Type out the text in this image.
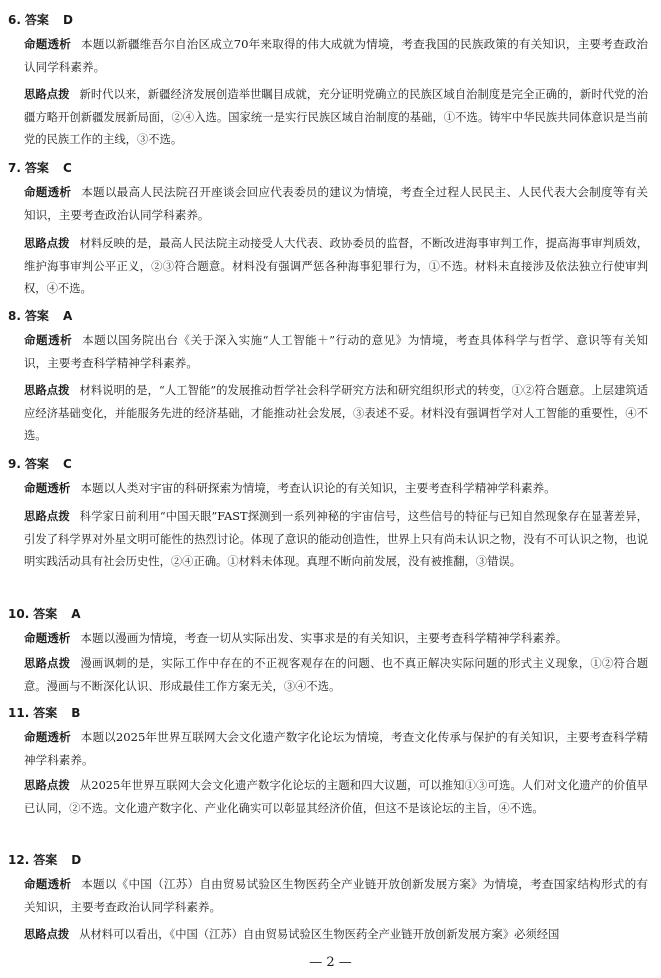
6. 答案 D

命题透析 本题以新疆维吾尔自治区成立70年来取得的伟大成就为情境，考查我国的民族政策的有关知识，主要考查政治认同学科素养。

思路点拨 新时代以来，新疆经济发展创造举世瞩目成就，充分证明党确立的民族区域自治制度是完全正确的，新时代党的治疆方略开创新疆发展新局面，②④入选。国家统一是实行民族区域自治制度的基础，①不选。铸牢中华民族共同体意识是当前党的民族工作的主线，③不选。

7. 答案 C

命题透析 本题以最高人民法院召开座谈会回应代表委员的建议为情境，考查全过程人民民主、人民代表大会制度等有关知识，主要考查政治认同学科素养。

思路点拨 材料反映的是，最高人民法院主动接受人大代表、政协委员的监督，不断改进海事审判工作，提高海事审判质效，维护海事审判公平正义，②③符合题意。材料没有强调严惩各种海事犯罪行为，①不选。材料未直接涉及依法独立行使审判权，④不选。

8. 答案 A

命题透析 本题以国务院出台《关于深入实施“人工智能＋”行动的意见》为情境，考查具体科学与哲学、意识等有关知识，主要考查科学精神学科素养。

思路点拨 材料说明的是，“人工智能”的发展推动哲学社会科学研究方法和研究组织形式的转变，①②符合题意。上层建筑适应经济基础变化，并能服务先进的经济基础，才能推动社会发展，③表述不妥。材料没有强调哲学对人工智能的重要性，④不选。

9. 答案 C

命题透析 本题以人类对宇宙的科研探索为情境，考查认识论的有关知识，主要考查科学精神学科素养。

思路点拨 科学家日前利用“中国天眼”FAST探测到一系列神秘的宇宙信号，这些信号的特征与已知自然现象存在显著差异，引发了科学界对外星文明可能性的热烈讨论。体现了意识的能动创造性，世界上只有尚未认识之物，没有不可认识之物，也说明实践活动具有社会历史性，②④正确。①材料未体现。真理不断向前发展，没有被推翻，③错误。

10. 答案 A

命题透析 本题以漫画为情境，考查一切从实际出发、实事求是的有关知识，主要考查科学精神学科素养。

思路点拨 漫画讽刺的是，实际工作中存在的不正视客观存在的问题、也不真正解决实际问题的形式主义现象，①②符合题意。漫画与不断深化认识、形成最佳工作方案无关，③④不选。

11. 答案 B

命题透析 本题以2025年世界互联网大会文化遗产数字化论坛为情境，考查文化传承与保护的有关知识，主要考查科学精神学科素养。

思路点拨 从2025年世界互联网大会文化遗产数字化论坛的主题和四大议题，可以推知①③可选。人们对文化遗产的价值早已认同，②不选。文化遗产数字化、产业化确实可以彰显其经济价值，但这不是该论坛的主旨，④不选。

12. 答案 D

命题透析 本题以《中国（江苏）自由贸易试验区生物医药全产业链开放创新发展方案》为情境，考查国家结构形式的有关知识，主要考查政治认同学科素养。

思路点拨 从材料可以看出，《中国（江苏）自由贸易试验区生物医药全产业链开放创新发展方案》必须经国

— 2 —
